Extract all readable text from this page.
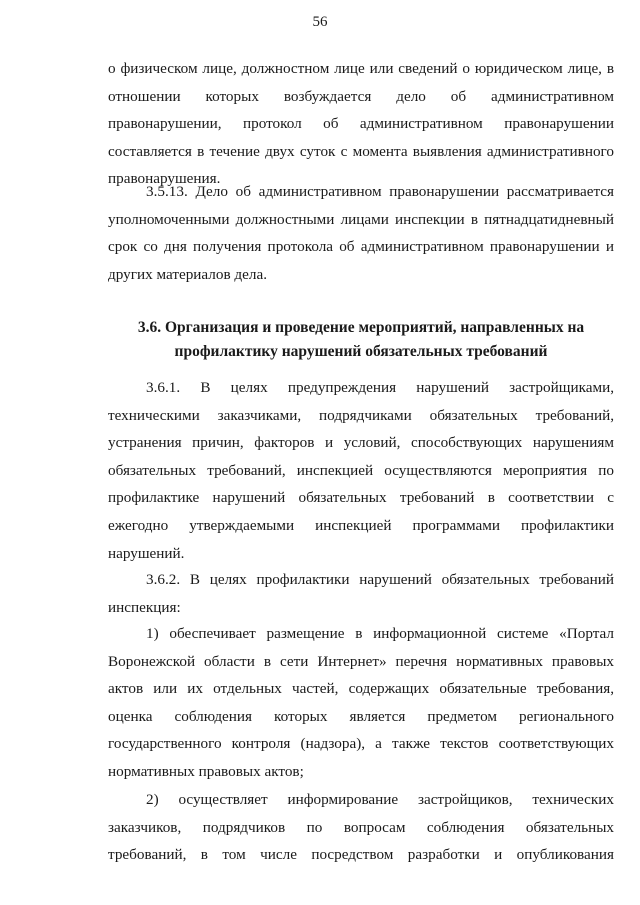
56
о физическом лице, должностном лице или сведений о юридическом лице, в
отношении которых возбуждается дело об административном
правонарушении, протокол об административном правонарушении
составляется в течение двух суток с момента выявления административного
правонарушения.
3.5.13. Дело об административном правонарушении рассматривается
уполномоченными должностными лицами инспекции в пятнадцатидневный
срок со дня получения протокола об административном правонарушении и
других материалов дела.
3.6. Организация и проведение мероприятий, направленных на
профилактику нарушений обязательных требований
3.6.1. В целях предупреждения нарушений застройщиками,
техническими заказчиками, подрядчиками обязательных требований,
устранения причин, факторов и условий, способствующих нарушениям
обязательных требований, инспекцией осуществляются мероприятия по
профилактике нарушений обязательных требований в соответствии с
ежегодно утверждаемыми инспекцией программами профилактики
нарушений.
3.6.2. В целях профилактики нарушений обязательных требований
инспекция:
1) обеспечивает размещение в информационной системе «Портал
Воронежской области в сети Интернет» перечня нормативных правовых
актов или их отдельных частей, содержащих обязательные требования,
оценка соблюдения которых является предметом регионального
государственного контроля (надзора), а также текстов соответствующих
нормативных правовых актов;
2) осуществляет информирование застройщиков, технических
заказчиков, подрядчиков по вопросам соблюдения обязательных
требований, в том числе посредством разработки и опубликования
